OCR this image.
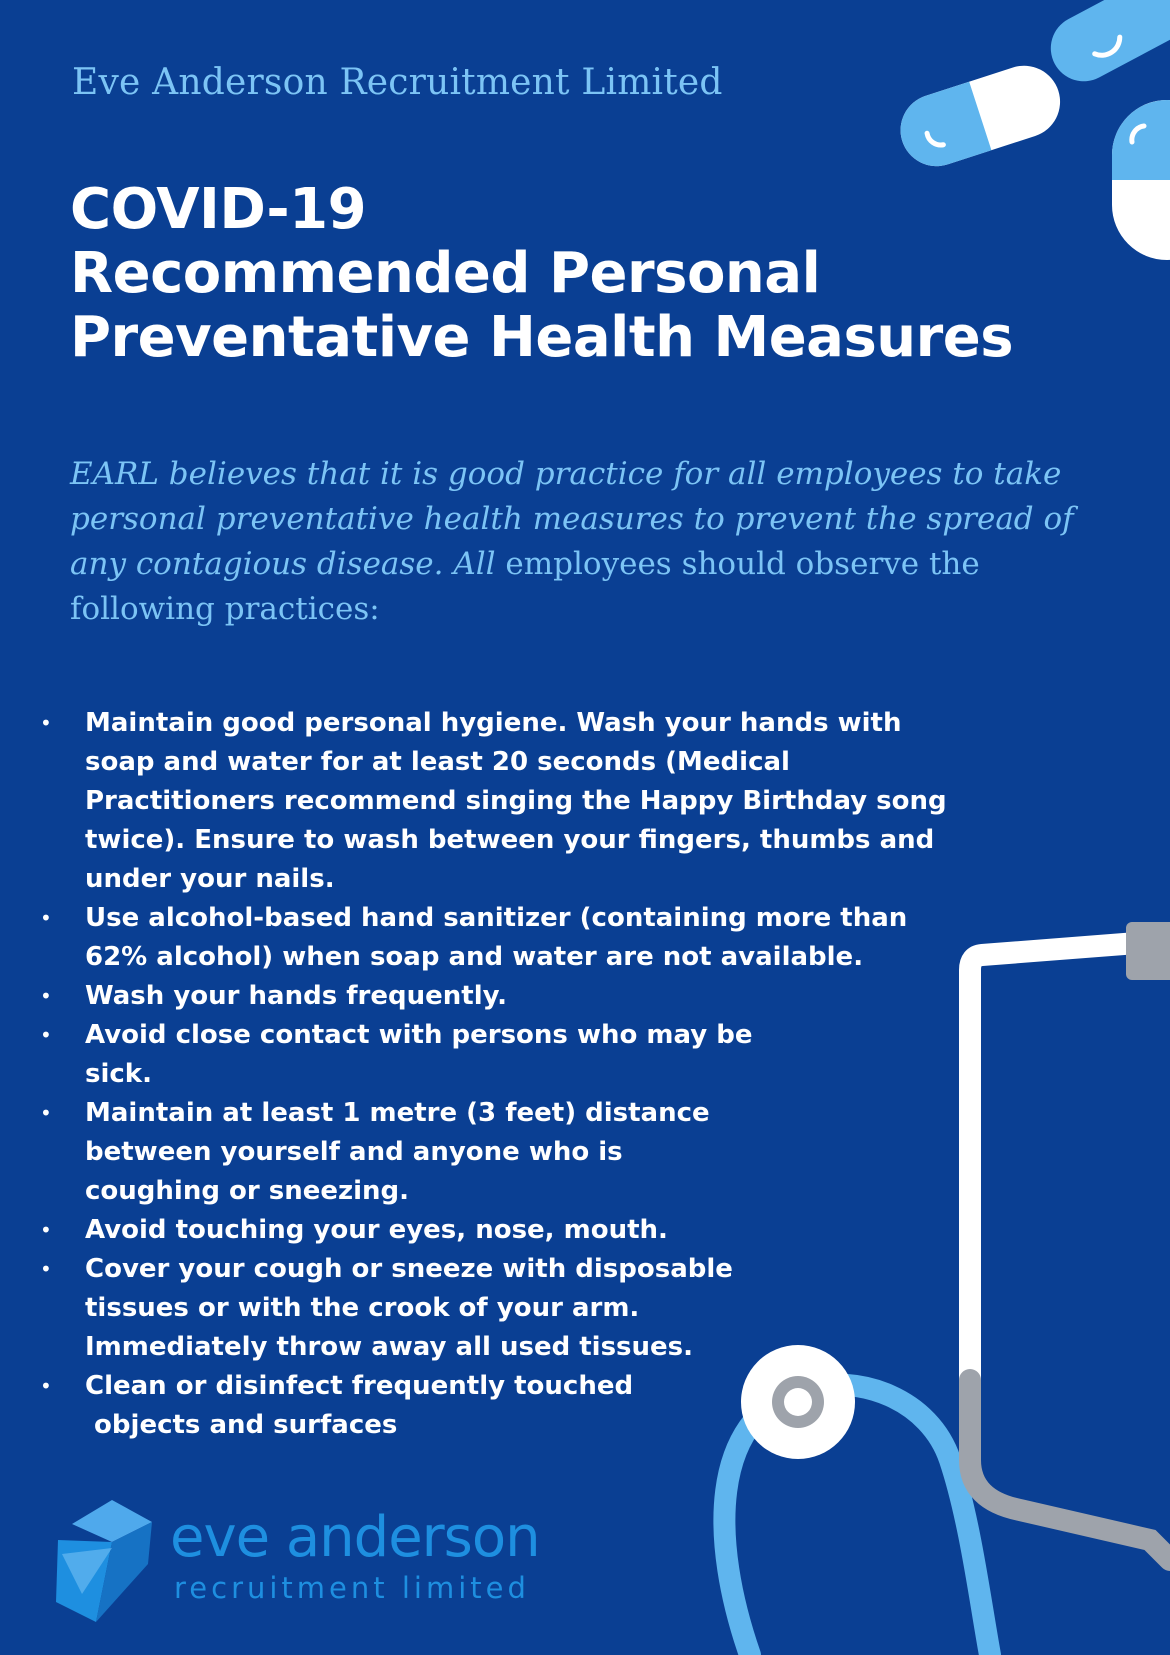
Eve Anderson Recruitment Limited
COVID-19
Recommended Personal
Preventative Health Measures

EARL believes that it is good practice for all employees to take personal preventative health measures to prevent the spread of any contagious disease. All employees should observe the following practices:

• Maintain good personal hygiene. Wash your hands with
soap and water for at least 20 seconds (Medical
Practitioners recommend singing the Happy Birthday song
twice). Ensure to wash between your fingers, thumbs and
under your nails.
• Use alcohol-based hand sanitizer (containing more than
62% alcohol) when soap and water are not available.
• Wash your hands frequently.
• Avoid close contact with persons who may be
sick.
• Maintain at least 1 metre (3 feet) distance
between yourself and anyone who is
coughing or sneezing.
• Avoid touching your eyes, nose, mouth.
• Cover your cough or sneeze with disposable
tissues or with the crook of your arm.
Immediately throw away all used tissues.
• Clean or disinfect frequently touched
objects and surfaces
eve anderson
recruitment limited
